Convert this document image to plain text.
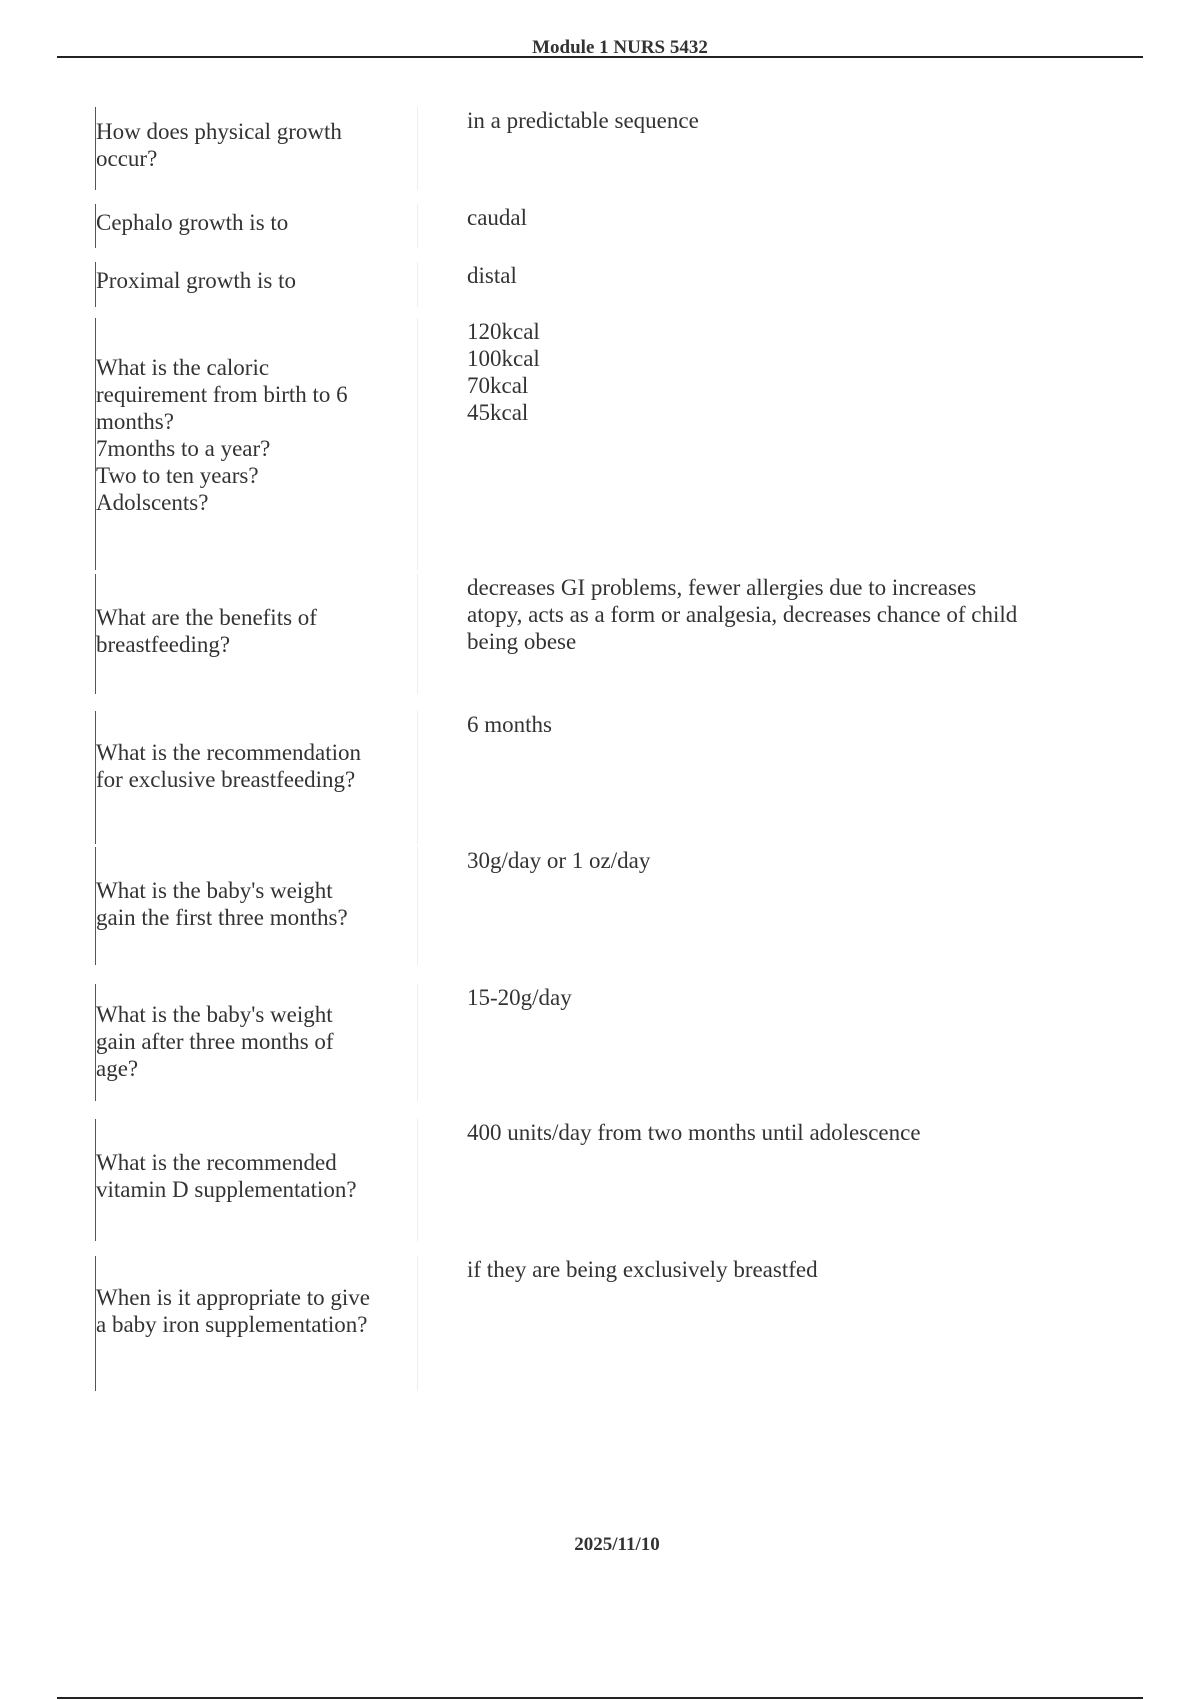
Module 1 NURS 5432
How does physical growth
occur?
in a predictable sequence
Cephalo growth is to	caudal
Proximal growth is to	distal
What is the caloric
requirement from birth to 6
months?
7months to a year?
Two to ten years?
Adolscents?
120kcal
100kcal
70kcal
45kcal
What are the benefits of
breastfeeding?
decreases GI problems, fewer allergies due to increases
atopy, acts as a form or analgesia, decreases chance of child
being obese
What is the recommendation
for exclusive breastfeeding?
6 months
What is the baby's weight
gain the first three months?
30g/day or 1 oz/day
What is the baby's weight
gain after three months of
age?
15-20g/day
What is the recommended
vitamin D supplementation?
400 units/day from two months until adolescence
When is it appropriate to give
a baby iron supplementation?
if they are being exclusively breastfed
2025/11/10
